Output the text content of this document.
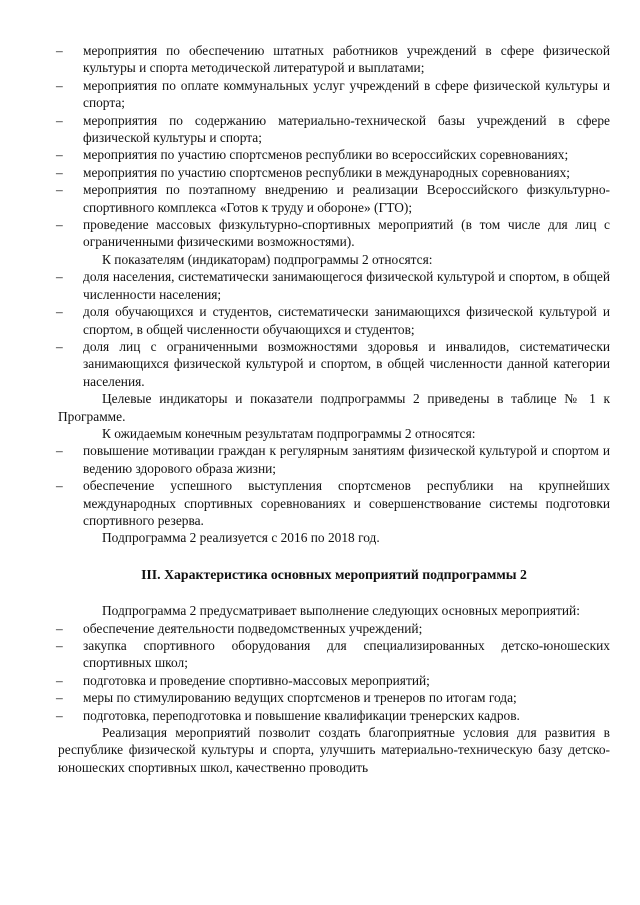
– мероприятия по обеспечению штатных работников учреждений в сфере физической культуры и спорта методической литературой и выплатами;
– мероприятия по оплате коммунальных услуг учреждений в сфере физической культуры и спорта;
– мероприятия по содержанию материально-технической базы учреждений в сфере физической культуры и спорта;
– мероприятия по участию спортсменов республики во всероссийских соревнованиях;
– мероприятия по участию спортсменов республики в международных соревнованиях;
– мероприятия по поэтапному внедрению и реализации Всероссийского физкультурно-спортивного комплекса «Готов к труду и обороне» (ГТО);
– проведение массовых физкультурно-спортивных мероприятий (в том числе для лиц с ограниченными физическими возможностями).
К показателям (индикаторам) подпрограммы 2 относятся:
– доля населения, систематически занимающегося физической культурой и спортом, в общей численности населения;
– доля обучающихся и студентов, систематически занимающихся физической культурой и спортом, в общей численности обучающихся и студентов;
– доля лиц с ограниченными возможностями здоровья и инвалидов, систематически занимающихся физической культурой и спортом, в общей численности данной категории населения.
Целевые индикаторы и показатели подпрограммы 2 приведены в таблице № 1 к Программе.
К ожидаемым конечным результатам подпрограммы 2 относятся:
– повышение мотивации граждан к регулярным занятиям физической культурой и спортом и ведению здорового образа жизни;
– обеспечение успешного выступления спортсменов республики на крупнейших международных спортивных соревнованиях и совершенствование системы подготовки спортивного резерва.
Подпрограмма 2 реализуется с 2016 по 2018 год.
III. Характеристика основных мероприятий подпрограммы 2
Подпрограмма 2 предусматривает выполнение следующих основных мероприятий:
– обеспечение деятельности подведомственных учреждений;
– закупка спортивного оборудования для специализированных детско-юношеских спортивных школ;
– подготовка и проведение спортивно-массовых мероприятий;
– меры по стимулированию ведущих спортсменов и тренеров по итогам года;
– подготовка, переподготовка и повышение квалификации тренерских кадров.
Реализация мероприятий позволит создать благоприятные условия для развития в республике физической культуры и спорта, улучшить материально-техническую базу детско-юношеских спортивных школ, качественно проводить
